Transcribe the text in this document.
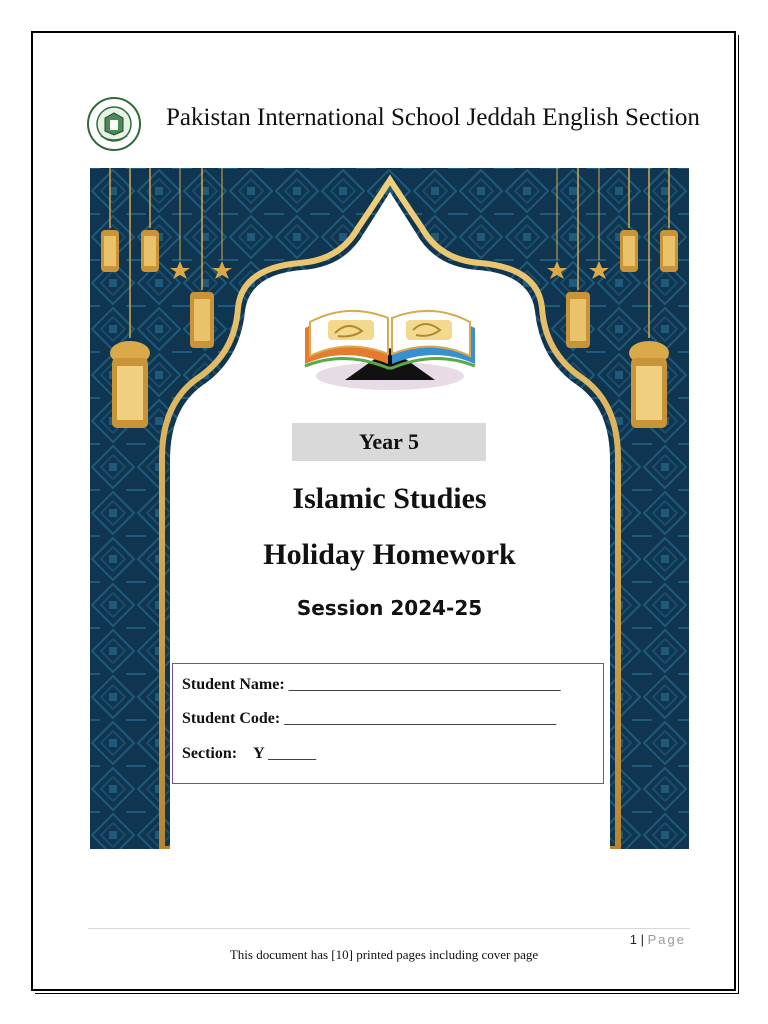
Pakistan International School Jeddah English Section
Year 5
Islamic Studies
Holiday Homework
Session 2024-25
Student Name: __________________________________
Student Code: __________________________________
Section: Y ______
1 | Page
This document has [10] printed pages including cover page
